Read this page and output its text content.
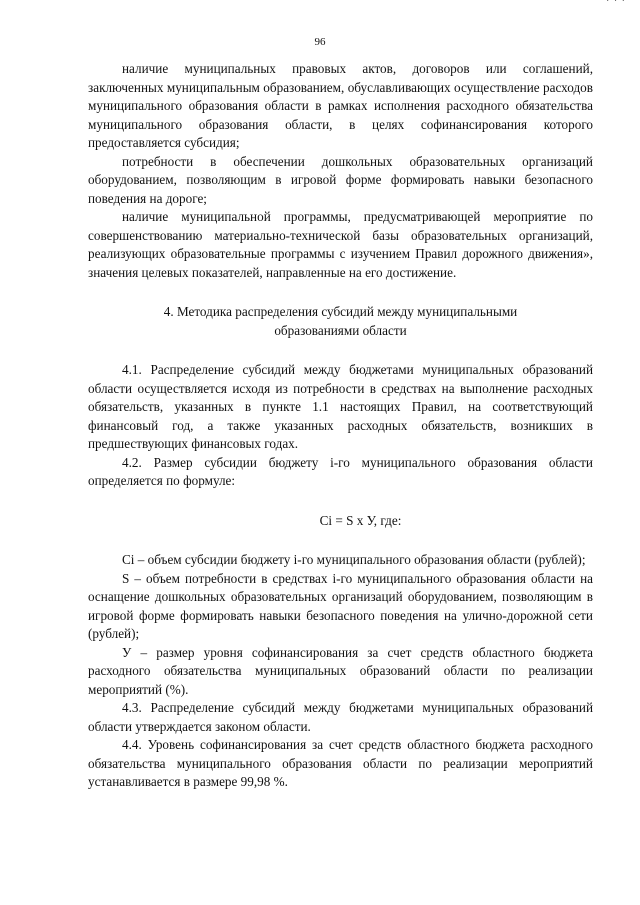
· · ·
96

наличие муниципальных правовых актов, договоров или соглашений, заключенных муниципальным образованием, обуславливающих осуществление расходов муниципального образования области в рамках исполнения расходного обязательства муниципального образования области, в целях софинансирования которого предоставляется субсидия;

потребности в обеспечении дошкольных образовательных организаций оборудованием, позволяющим в игровой форме формировать навыки безопасного поведения на дороге;

наличие муниципальной программы, предусматривающей мероприятие по совершенствованию материально-технической базы образовательных организаций, реализующих образовательные программы с изучением Правил дорожного движения», значения целевых показателей, направленные на его достижение.

4. Методика распределения субсидий между муниципальными
образованиями области

4.1. Распределение субсидий между бюджетами муниципальных образований области осуществляется исходя из потребности в средствах на выполнение расходных обязательств, указанных в пункте 1.1 настоящих Правил, на соответствующий финансовый год, а также указанных расходных обязательств, возникших в предшествующих финансовых годах.

4.2. Размер субсидии бюджету i-го муниципального образования области определяется по формуле:

Ci = S x У, где:

Ci – объем субсидии бюджету i-го муниципального образования области (рублей);

S – объем потребности в средствах i-го муниципального образования области на оснащение дошкольных образовательных организаций оборудованием, позволяющим в игровой форме формировать навыки безопасного поведения на улично-дорожной сети (рублей);

У – размер уровня софинансирования за счет средств областного бюджета расходного обязательства муниципальных образований области по реализации мероприятий (%).

4.3. Распределение субсидий между бюджетами муниципальных образований области утверждается законом области.

4.4. Уровень софинансирования за счет средств областного бюджета расходного обязательства муниципального образования области по реализации мероприятий устанавливается в размере 99,98 %.
